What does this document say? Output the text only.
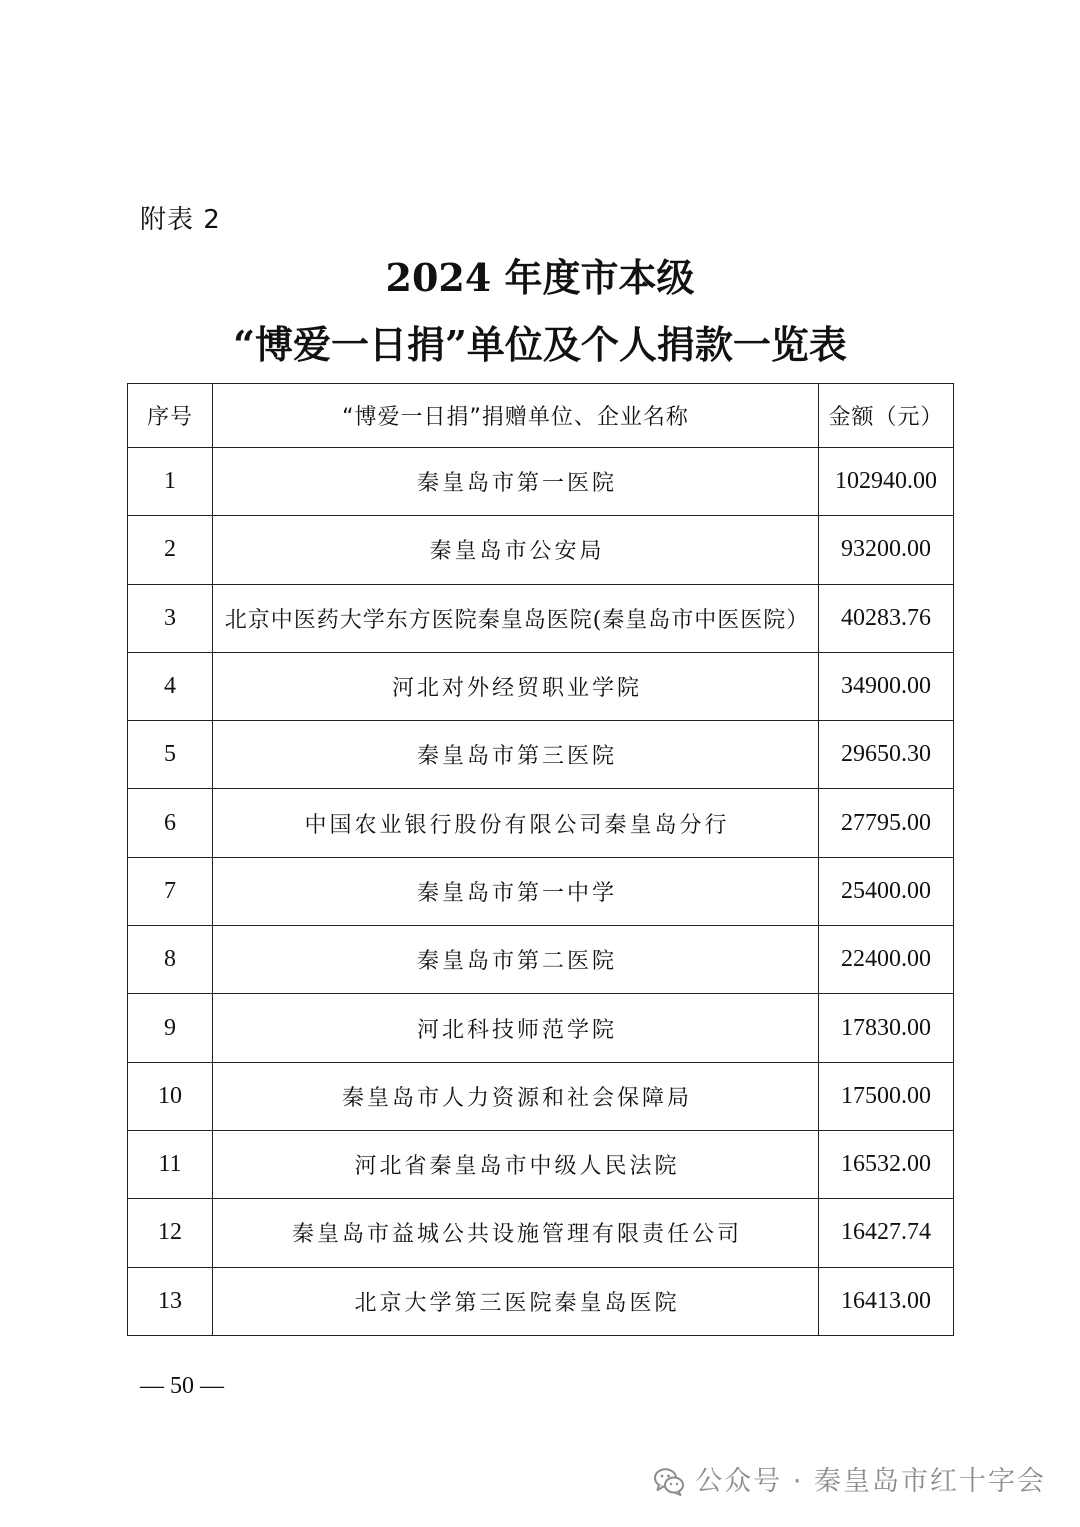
附表 2
2024 年度市本级
“博爱一日捐”单位及个人捐款一览表
序号	“博爱一日捐”捐赠单位、企业名称	金额（元）
1	秦皇岛市第一医院	102940.00
2	秦皇岛市公安局	93200.00
3	北京中医药大学东方医院秦皇岛医院(秦皇岛市中医医院）	40283.76
4	河北对外经贸职业学院	34900.00
5	秦皇岛市第三医院	29650.30
6	中国农业银行股份有限公司秦皇岛分行	27795.00
7	秦皇岛市第一中学	25400.00
8	秦皇岛市第二医院	22400.00
9	河北科技师范学院	17830.00
10	秦皇岛市人力资源和社会保障局	17500.00
11	河北省秦皇岛市中级人民法院	16532.00
12	秦皇岛市益城公共设施管理有限责任公司	16427.74
13	北京大学第三医院秦皇岛医院	16413.00
— 50 —
公众号 · 秦皇岛市红十字会
